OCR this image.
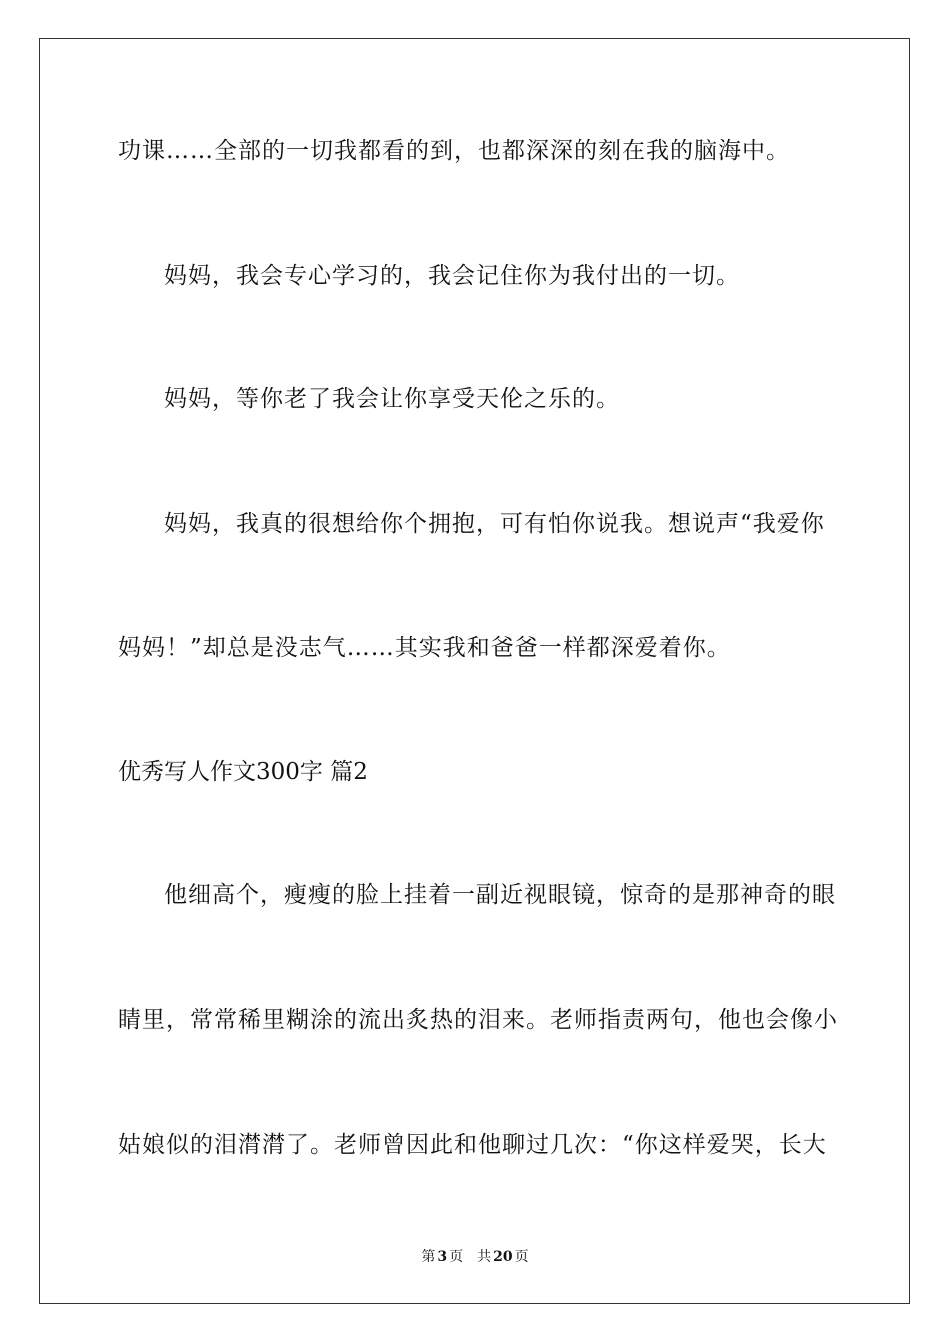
功课……全部的一切我都看的到，也都深深的刻在我的脑海中。
妈妈，我会专心学习的，我会记住你为我付出的一切。
妈妈，等你老了我会让你享受天伦之乐的。
妈妈，我真的很想给你个拥抱，可有怕你说我。想说声“我爱你
妈妈！”却总是没志气……其实我和爸爸一样都深爱着你。
优秀写人作文300字 篇2
他细高个，瘦瘦的脸上挂着一副近视眼镜，惊奇的是那神奇的眼
睛里，常常稀里糊涂的流出炙热的泪来。老师指责两句，他也会像小
姑娘似的泪潸潸了。老师曾因此和他聊过几次：“你这样爱哭，长大
第 3 页 共 20 页
